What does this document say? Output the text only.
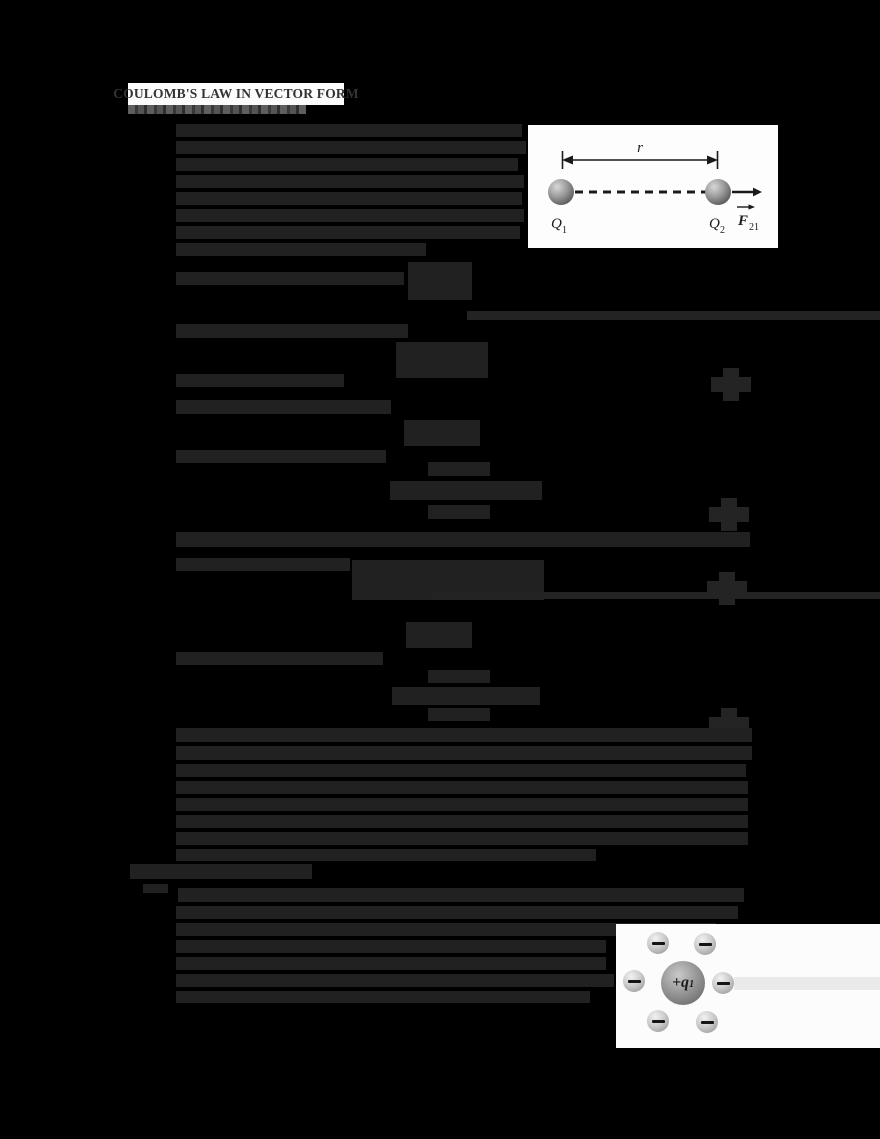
COULOMB'S LAW IN VECTOR FORM
r
Q 1	Q 2
F 21
+q 1
